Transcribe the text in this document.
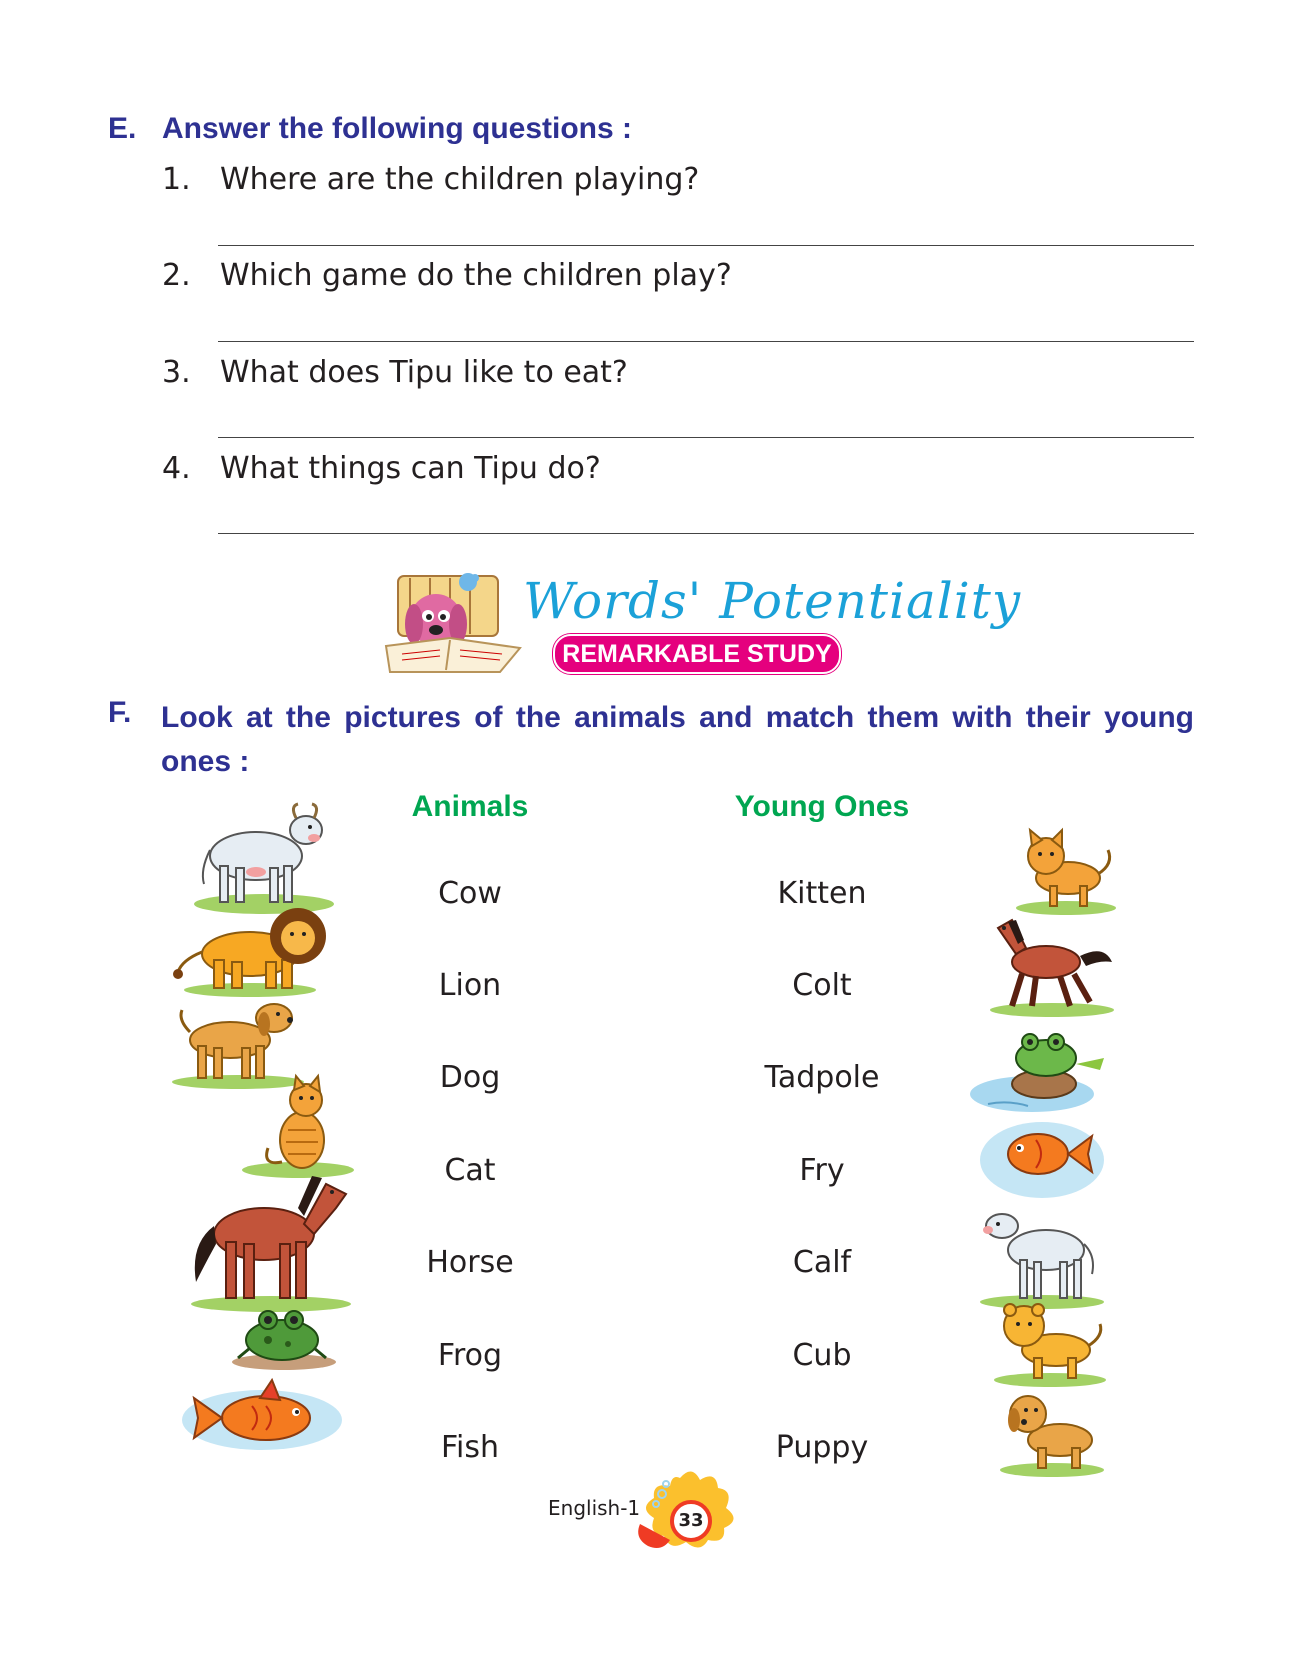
E. Answer the following questions :
1. Where are the children playing?
2. Which game do the children play?
3. What does Tipu like to eat?
4. What things can Tipu do?
Words' Potentiality
REMARKABLE STUDY
F. Look at the pictures of the animals and match them with their young ones :
Animals	Young Ones
Cow
Lion
Dog
Cat
Horse
Frog
Fish
Kitten
Colt
Tadpole
Fry
Calf
Cub
Puppy
English-1
33
